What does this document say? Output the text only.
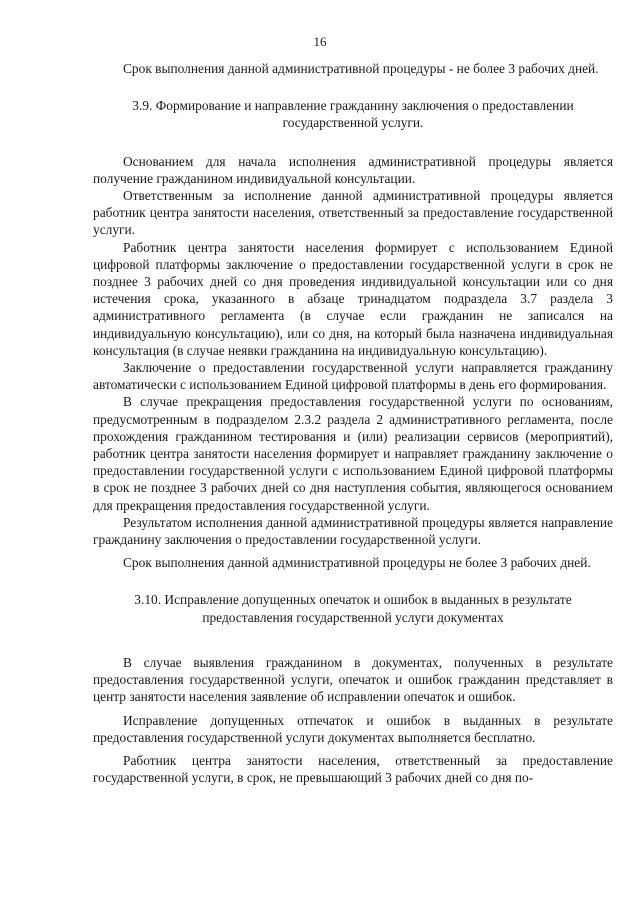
16

Срок выполнения данной административной процедуры - не более 3 рабочих дней.

3.9. Формирование и направление гражданину заключения о предоставлении государственной услуги.

Основанием для начала исполнения административной процедуры является получение гражданином индивидуальной консультации.

Ответственным за исполнение данной административной процедуры является работник центра занятости населения, ответственный за предоставление государственной услуги.

Работник центра занятости населения формирует с использованием Единой цифровой платформы заключение о предоставлении государственной услуги в срок не позднее 3 рабочих дней со дня проведения индивидуальной консультации или со дня истечения срока, указанного в абзаце тринадцатом подраздела 3.7 раздела 3 административного регламента (в случае если гражданин не записался на индивидуальную консультацию), или со дня, на который была назначена индивидуальная консультация (в случае неявки гражданина на индивидуальную консультацию).

Заключение о предоставлении государственной услуги направляется гражданину автоматически с использованием Единой цифровой платформы в день его формирования.

В случае прекращения предоставления государственной услуги по основаниям, предусмотренным в подразделом 2.3.2 раздела 2 административного регламента, после прохождения гражданином тестирования и (или) реализации сервисов (мероприятий), работник центра занятости населения формирует и направляет гражданину заключение о предоставлении государственной услуги с использованием Единой цифровой платформы в срок не позднее 3 рабочих дней со дня наступления события, являющегося основанием для прекращения предоставления государственной услуги.

Результатом исполнения данной административной процедуры является направление гражданину заключения о предоставлении государственной услуги.

Срок выполнения данной административной процедуры не более 3 рабочих дней.

3.10. Исправление допущенных опечаток и ошибок в выданных в результате предоставления государственной услуги документах

В случае выявления гражданином в документах, полученных в результате предоставления государственной услуги, опечаток и ошибок гражданин представляет в центр занятости населения заявление об исправлении опечаток и ошибок.

Исправление допущенных отпечаток и ошибок в выданных в результате предоставления государственной услуги документах выполняется бесплатно.

Работник центра занятости населения, ответственный за предоставление государственной услуги, в срок, не превышающий 3 рабочих дней со дня по-
